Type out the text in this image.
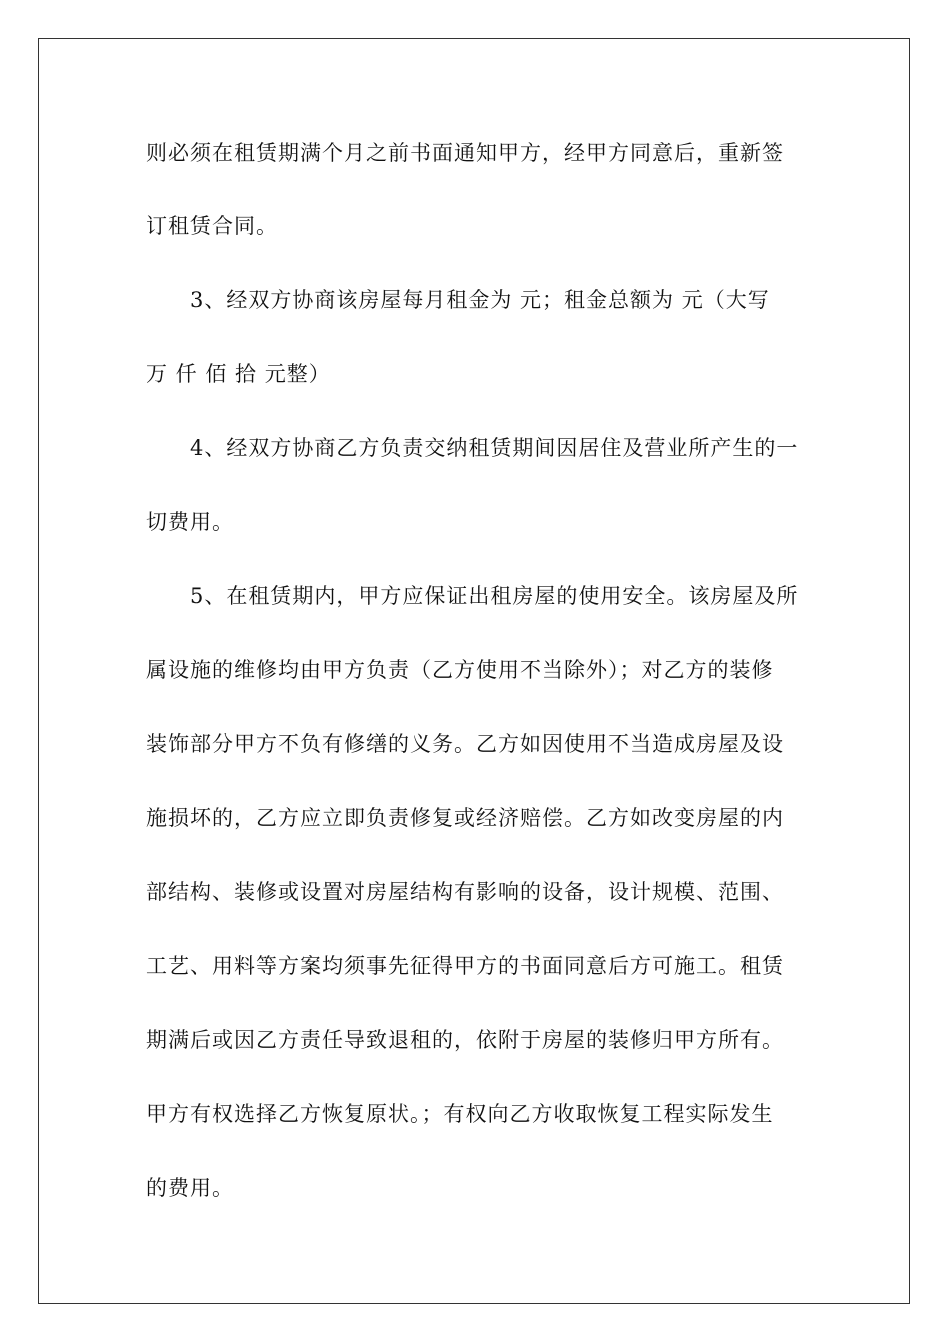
则必须在租赁期满个月之前书面通知甲方，经甲方同意后，重新签
订租赁合同。
3、经双方协商该房屋每月租金为 元；租金总额为 元（大写
万 仟 佰 拾 元整）
4、经双方协商乙方负责交纳租赁期间因居住及营业所产生的一
切费用。
5、在租赁期内，甲方应保证出租房屋的使用安全。该房屋及所
属设施的维修均由甲方负责（乙方使用不当除外）；对乙方的装修
装饰部分甲方不负有修缮的义务。乙方如因使用不当造成房屋及设
施损坏的，乙方应立即负责修复或经济赔偿。乙方如改变房屋的内
部结构、装修或设置对房屋结构有影响的设备，设计规模、范围、
工艺、用料等方案均须事先征得甲方的书面同意后方可施工。租赁
期满后或因乙方责任导致退租的，依附于房屋的装修归甲方所有。
甲方有权选择乙方恢复原状。；有权向乙方收取恢复工程实际发生
的费用。
